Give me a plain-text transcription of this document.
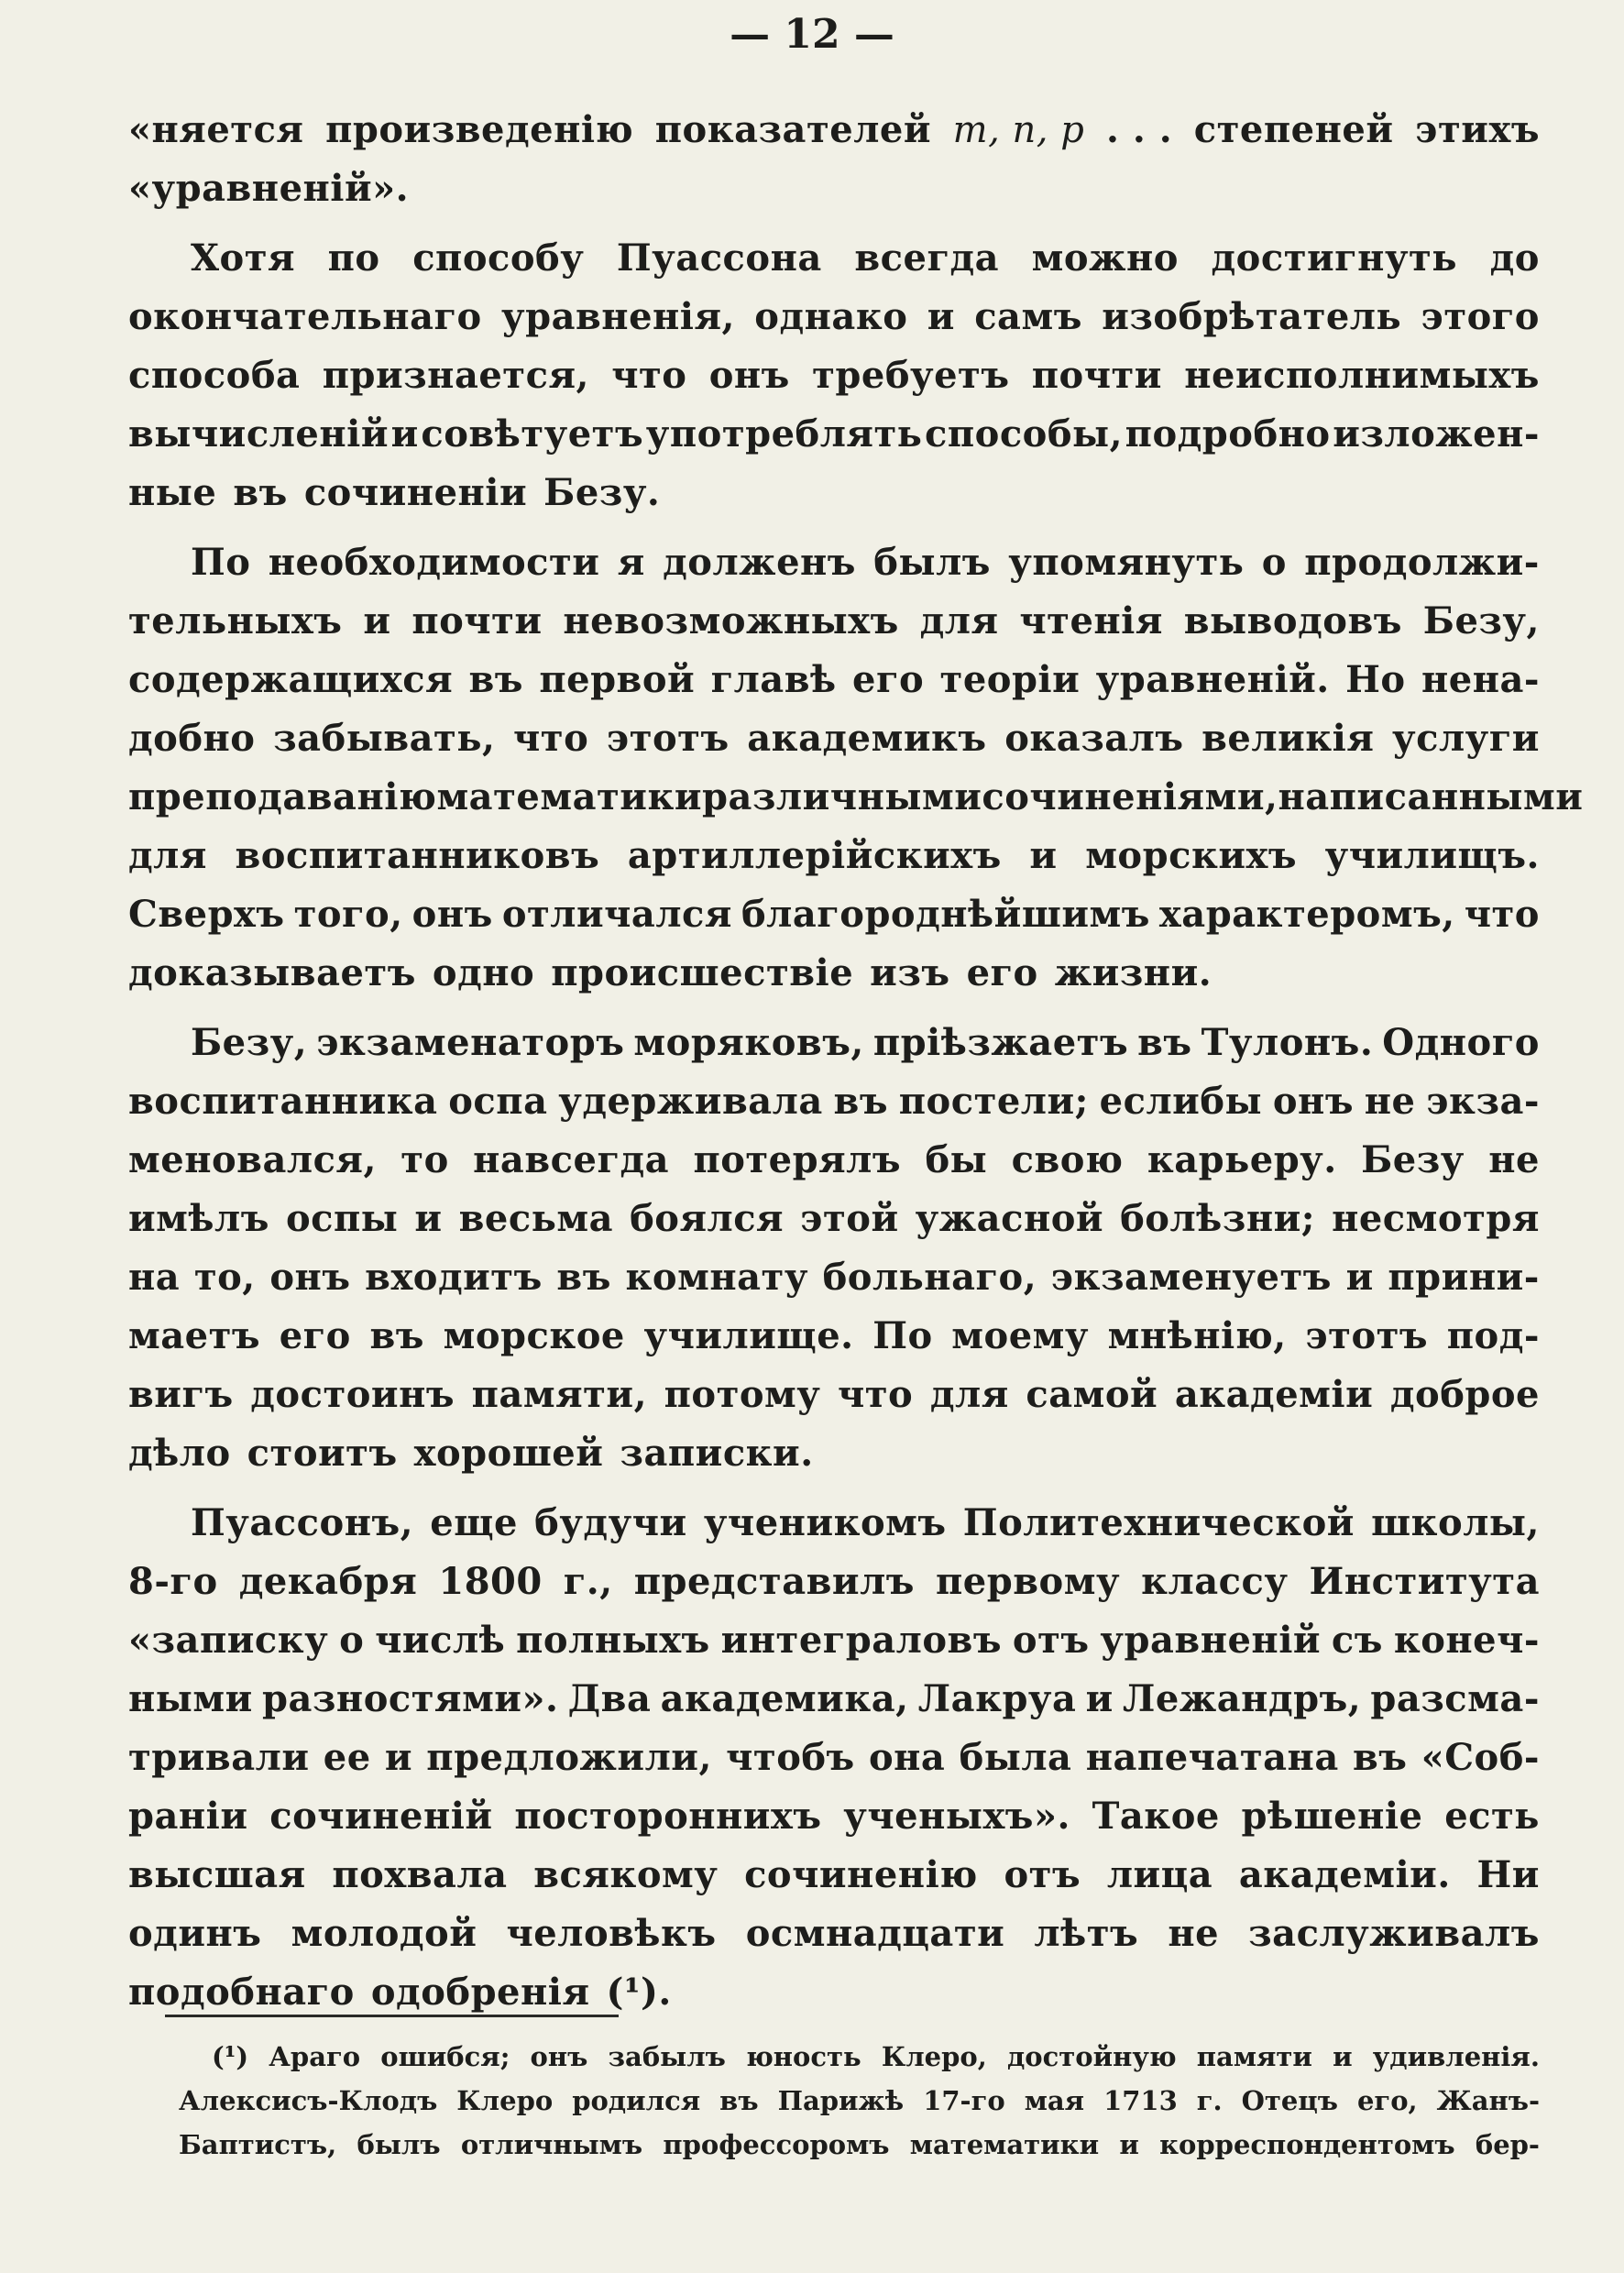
— 12 —
«няется произведенію показателей m, n, p . . . степеней этихъ
«уравненій».
Хотя по способу Пуассона всегда можно достигнуть до
окончательнаго уравненія, однако и самъ изобрѣтатель этого
способа признается, что онъ требуетъ почти неисполнимыхъ
вычисленій и совѣтуетъ употреблять способы, подробно изложен-
ные въ сочиненіи Безу.
По необходимости я долженъ былъ упомянуть о продолжи-
тельныхъ и почти невозможныхъ для чтенія выводовъ Безу,
содержащихся въ первой главѣ его теоріи уравненій. Но нена-
добно забывать, что этотъ академикъ оказалъ великія услуги
преподаванію математики различными сочиненіями, написанными
для воспитанниковъ артиллерійскихъ и морскихъ училищъ.
Сверхъ того, онъ отличался благороднѣйшимъ характеромъ, что
доказываетъ одно происшествіе изъ его жизни.
Безу, экзаменаторъ моряковъ, пріѣзжаетъ въ Тулонъ. Одного
воспитанника оспа удерживала въ постели; еслибы онъ не экза-
меновался, то навсегда потерялъ бы свою карьеру. Безу не
имѣлъ оспы и весьма боялся этой ужасной болѣзни; несмотря
на то, онъ входитъ въ комнату больнаго, экзаменуетъ и прини-
маетъ его въ морское училище. По моему мнѣнію, этотъ под-
вигъ достоинъ памяти, потому что для самой академіи доброе
дѣло стоитъ хорошей записки.
Пуассонъ, еще будучи ученикомъ Политехнической школы,
8-го декабря 1800 г., представилъ первому классу Института
«записку о числѣ полныхъ интеграловъ отъ уравненій съ конеч-
ными разностями». Два академика, Лакруа и Лежандръ, разсма-
тривали ее и предложили, чтобъ она была напечатана въ «Соб-
раніи сочиненій постороннихъ ученыхъ». Такое рѣшеніе есть
высшая похвала всякому сочиненію отъ лица академіи. Ни
одинъ молодой человѣкъ осмнадцати лѣтъ не заслуживалъ
подобнаго одобренія (¹).
(¹) Араго ошибся; онъ забылъ юность Клеро, достойную памяти и удивленія.
Алексисъ-Клодъ Клеро родился въ Парижѣ 17-го мая 1713 г. Отецъ его, Жанъ-
Баптистъ, былъ отличнымъ профессоромъ математики и корреспондентомъ бер-
